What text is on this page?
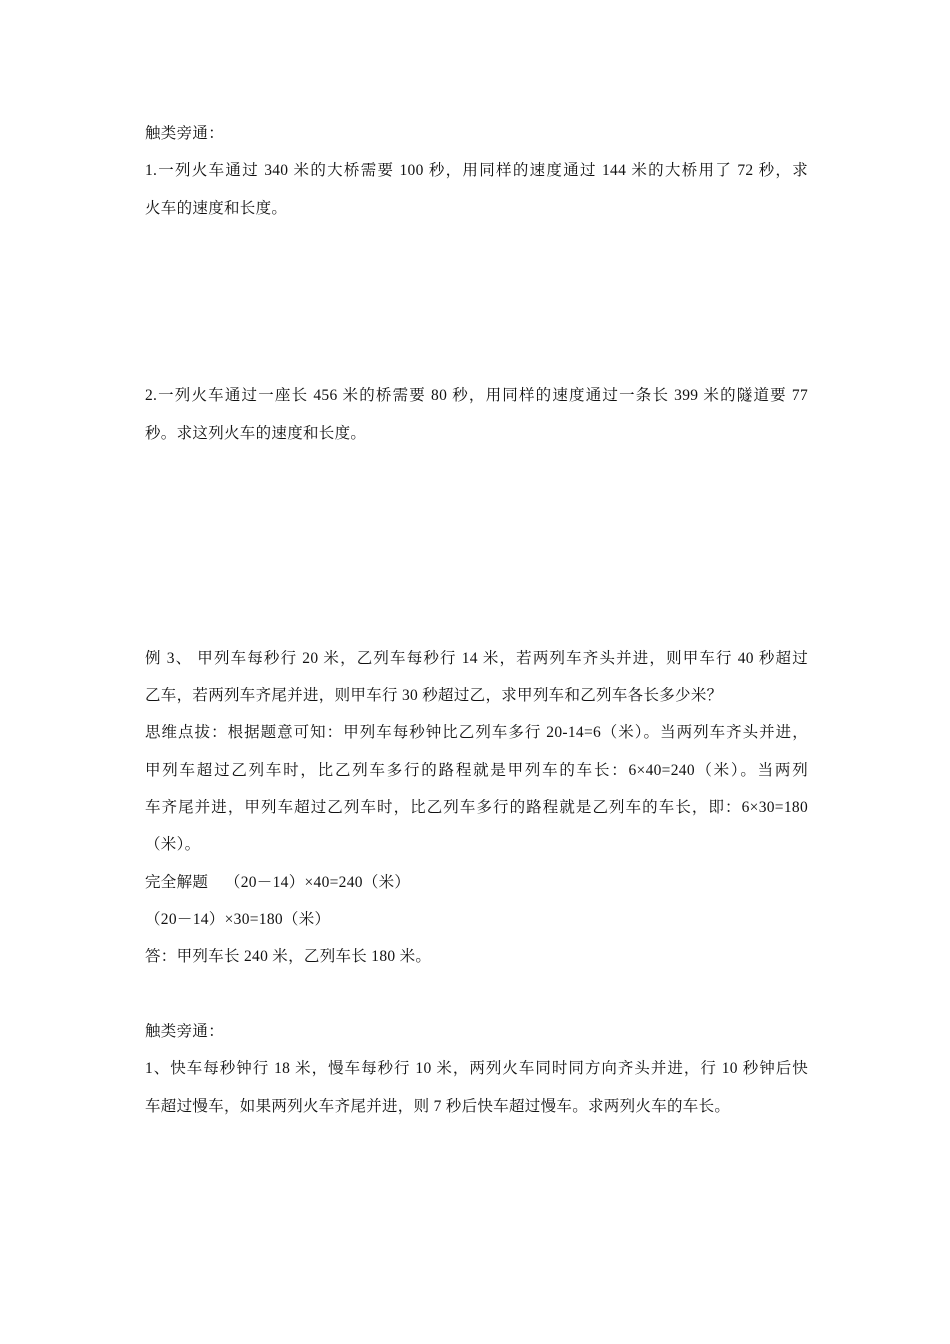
触类旁通：
1.一列火车通过 340 米的大桥需要 100 秒，用同样的速度通过 144 米的大桥用了 72 秒，求
火车的速度和长度。
2.一列火车通过一座长 456 米的桥需要 80 秒，用同样的速度通过一条长 399 米的隧道要 77
秒。求这列火车的速度和长度。
例 3、 甲列车每秒行 20 米，乙列车每秒行 14 米，若两列车齐头并进，则甲车行 40 秒超过
乙车，若两列车齐尾并进，则甲车行 30 秒超过乙，求甲列车和乙列车各长多少米？
思维点拔：根据题意可知：甲列车每秒钟比乙列车多行 20-14=6（米）。当两列车齐头并进，
甲列车超过乙列车时，比乙列车多行的路程就是甲列车的车长：6×40=240（米）。当两列
车齐尾并进，甲列车超过乙列车时，比乙列车多行的路程就是乙列车的车长，即：6×30=180
（米）。
完全解题    （20－14）×40=240（米）
（20－14）×30=180（米）
答：甲列车长 240 米，乙列车长 180 米。
触类旁通：
1、快车每秒钟行 18 米，慢车每秒行 10 米，两列火车同时同方向齐头并进，行 10 秒钟后快
车超过慢车，如果两列火车齐尾并进，则 7 秒后快车超过慢车。求两列火车的车长。
